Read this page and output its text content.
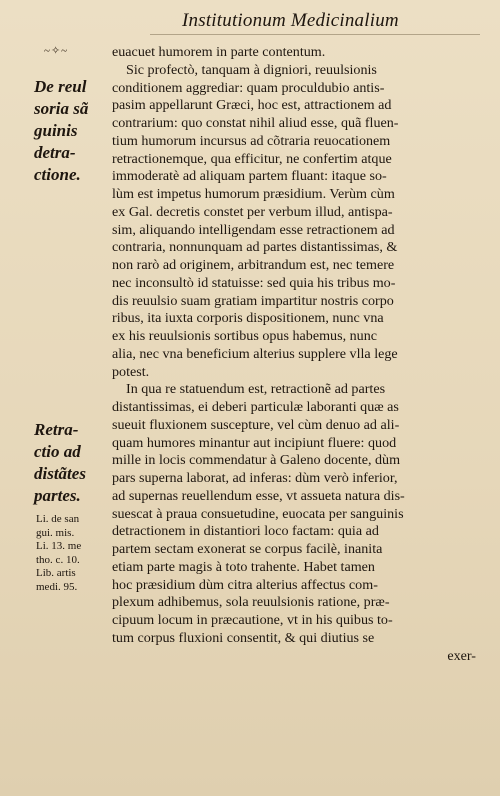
Institutionum Medicinalium
~✧~	euacuet humorem in parte contentum.
Sic profectò, tanquam à digniori, reuulsionis
conditionem aggrediar: quam proculdubio antis-
pasim appellarunt Græci, hoc est, attractionem ad
contrarium: quo constat nihil aliud esse, quã fluen-
tium humorum incursus ad cõtraria reuocationem
retractionemque, qua efficitur, ne confertim atque
immoderatè ad aliquam partem fluant: itaque so-
lùm est impetus humorum præsidium. Verùm cùm
ex Gal. decretis constet per verbum illud, antispa-
sim, aliquando intelligendam esse retractionem ad
contraria, nonnunquam ad partes distantissimas, &
non rarò ad originem, arbitrandum est, nec temere
nec inconsultò id statuisse: sed quia his tribus mo-
dis reuulsio suam gratiam impartitur nostris corpo
ribus, ita iuxta corporis dispositionem, nunc vna
ex his reuulsionis sortibus opus habemus, nunc
alia, nec vna beneficium alterius supplere vlla lege
potest.
In qua re statuendum est, retractionẽ ad partes
distantissimas, ei deberi particulæ laboranti quæ as
sueuit fluxionem suscepture, vel cùm denuo ad ali-
quam humores minantur aut incipiunt fluere: quod
mille in locis commendatur à Galeno docente, dùm
pars superna laborat, ad inferas: dùm verò inferior,
ad supernas reuellendum esse, vt assueta natura dis-
suescat à praua consuetudine, euocata per sanguinis
detractionem in distantiori loco factam: quia ad
partem sectam exonerat se corpus facilè, inanita
etiam parte magis à toto trahente. Habet tamen
hoc præsidium dùm citra alterius affectus com-
plexum adhibemus, sola reuulsionis ratione, præ-
cipuum locum in præcautione, vt in his quibus to-
tum corpus fluxioni consentit, & qui diutius se
exer-
De reul
soria sã
guinis
detra-
ctione.
Retra-
ctio ad
distãtes
partes.
Li. de san
gui. mis.
Li. 13. me
tho. c. 10.
Lib. artis
medi. 95.
